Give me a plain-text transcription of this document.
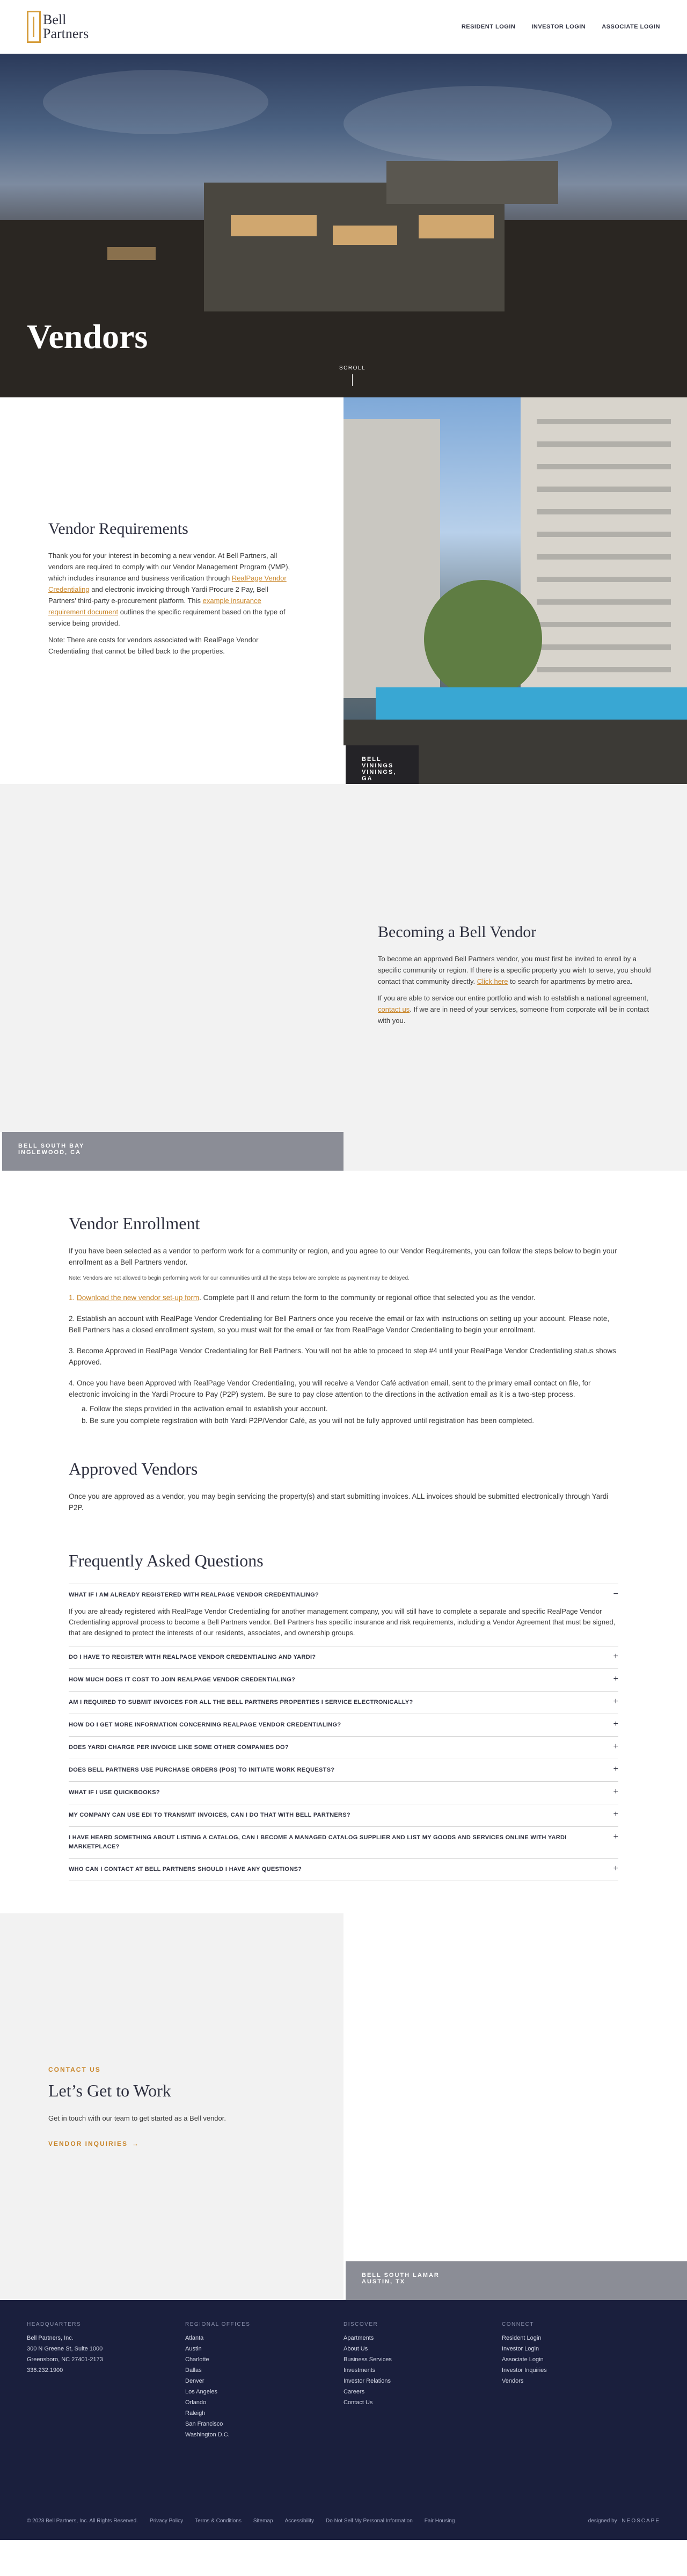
Bell
Partners	RESIDENT LOGIN	INVESTOR LOGIN	ASSOCIATE LOGIN
Vendors
SCROLL
Vendor Requirements

Thank you for your interest in becoming a new vendor. At Bell Partners, all vendors are required to comply with our Vendor Management Program (VMP), which includes insurance and business verification through RealPage Vendor Credentialing and electronic invoicing through Yardi Procure 2 Pay, Bell Partners' third-party e-procurement platform. This example insurance requirement document outlines the specific requirement based on the type of service being provided.

Note: There are costs for vendors associated with RealPage Vendor Credentialing that cannot be billed back to the properties.

BELL VININGS
VININGS, GA
BELL SOUTH BAY
INGLEWOOD, CA
Becoming a Bell Vendor

To become an approved Bell Partners vendor, you must first be invited to enroll by a specific community or region. If there is a specific property you wish to serve, you should contact that community directly. Click here to search for apartments by metro area.

If you are able to service our entire portfolio and wish to establish a national agreement, contact us. If we are in need of your services, someone from corporate will be in contact with you.

Vendor Enrollment

If you have been selected as a vendor to perform work for a community or region, and you agree to our Vendor Requirements, you can follow the steps below to begin your enrollment as a Bell Partners vendor.

Note: Vendors are not allowed to begin performing work for our communities until all the steps below are complete as payment may be delayed.

1. Download the new vendor set-up form. Complete part II and return the form to the community or regional office that selected you as the vendor.

2. Establish an account with RealPage Vendor Credentialing for Bell Partners once you receive the email or fax with instructions on setting up your account. Please note, Bell Partners has a closed enrollment system, so you must wait for the email or fax from RealPage Vendor Credentialing to begin your enrollment.

3. Become Approved in RealPage Vendor Credentialing for Bell Partners. You will not be able to proceed to step #4 until your RealPage Vendor Credentialing status shows Approved.

4. Once you have been Approved with RealPage Vendor Credentialing, you will receive a Vendor Café activation email, sent to the primary email contact on file, for electronic invoicing in the Yardi Procure to Pay (P2P) system. Be sure to pay close attention to the directions in the activation email as it is a two-step process.

a. Follow the steps provided in the activation email to establish your account.
b. Be sure you complete registration with both Yardi P2P/Vendor Café, as you will not be fully approved until registration has been completed.
Approved Vendors

Once you are approved as a vendor, you may begin servicing the property(s) and start submitting invoices. ALL invoices should be submitted electronically through Yardi P2P.

Frequently Asked Questions
WHAT IF I AM ALREADY REGISTERED WITH REALPAGE VENDOR CREDENTIALING?	−
If you are already registered with RealPage Vendor Credentialing for another management company, you will still have to complete a separate and specific RealPage Vendor Credentialing approval process to become a Bell Partners vendor. Bell Partners has specific insurance and risk requirements, including a Vendor Agreement that must be signed, that are designed to protect the interests of our residents, associates, and ownership groups.
DO I HAVE TO REGISTER WITH REALPAGE VENDOR CREDENTIALING AND YARDI?	+
HOW MUCH DOES IT COST TO JOIN REALPAGE VENDOR CREDENTIALING?	+
AM I REQUIRED TO SUBMIT INVOICES FOR ALL THE BELL PARTNERS PROPERTIES I SERVICE ELECTRONICALLY?	+
HOW DO I GET MORE INFORMATION CONCERNING REALPAGE VENDOR CREDENTIALING?	+
DOES YARDI CHARGE PER INVOICE LIKE SOME OTHER COMPANIES DO?	+
DOES BELL PARTNERS USE PURCHASE ORDERS (POS) TO INITIATE WORK REQUESTS?	+
WHAT IF I USE QUICKBOOKS?	+
MY COMPANY CAN USE EDI TO TRANSMIT INVOICES, CAN I DO THAT WITH BELL PARTNERS?	+
I HAVE HEARD SOMETHING ABOUT LISTING A CATALOG, CAN I BECOME A MANAGED CATALOG SUPPLIER AND LIST MY GOODS AND SERVICES ONLINE WITH YARDI MARKETPLACE?
+
WHO CAN I CONTACT AT BELL PARTNERS SHOULD I HAVE ANY QUESTIONS?	+
CONTACT US
Let’s Get to Work

Get in touch with our team to get started as a Bell vendor.

VENDOR INQUIRIES →
BELL SOUTH LAMAR
AUSTIN, TX
HEADQUARTERS
Bell Partners, Inc.
300 N Greene St, Suite 1000
Greensboro, NC 27401-2173
336.232.1900
REGIONAL OFFICES
Atlanta
Austin
Charlotte
Dallas
Denver
Los Angeles
Orlando
Raleigh
San Francisco
Washington D.C.
DISCOVER
Apartments
About Us
Business Services
Investments
Investor Relations
Careers
Contact Us
CONNECT
Resident Login
Investor Login
Associate Login
Investor Inquiries
Vendors
© 2023 Bell Partners, Inc. All Rights Reserved. Privacy Policy Terms & Conditions Sitemap Accessibility Do Not Sell My Personal Information Fair Housing	designed by NEOSCAPE
